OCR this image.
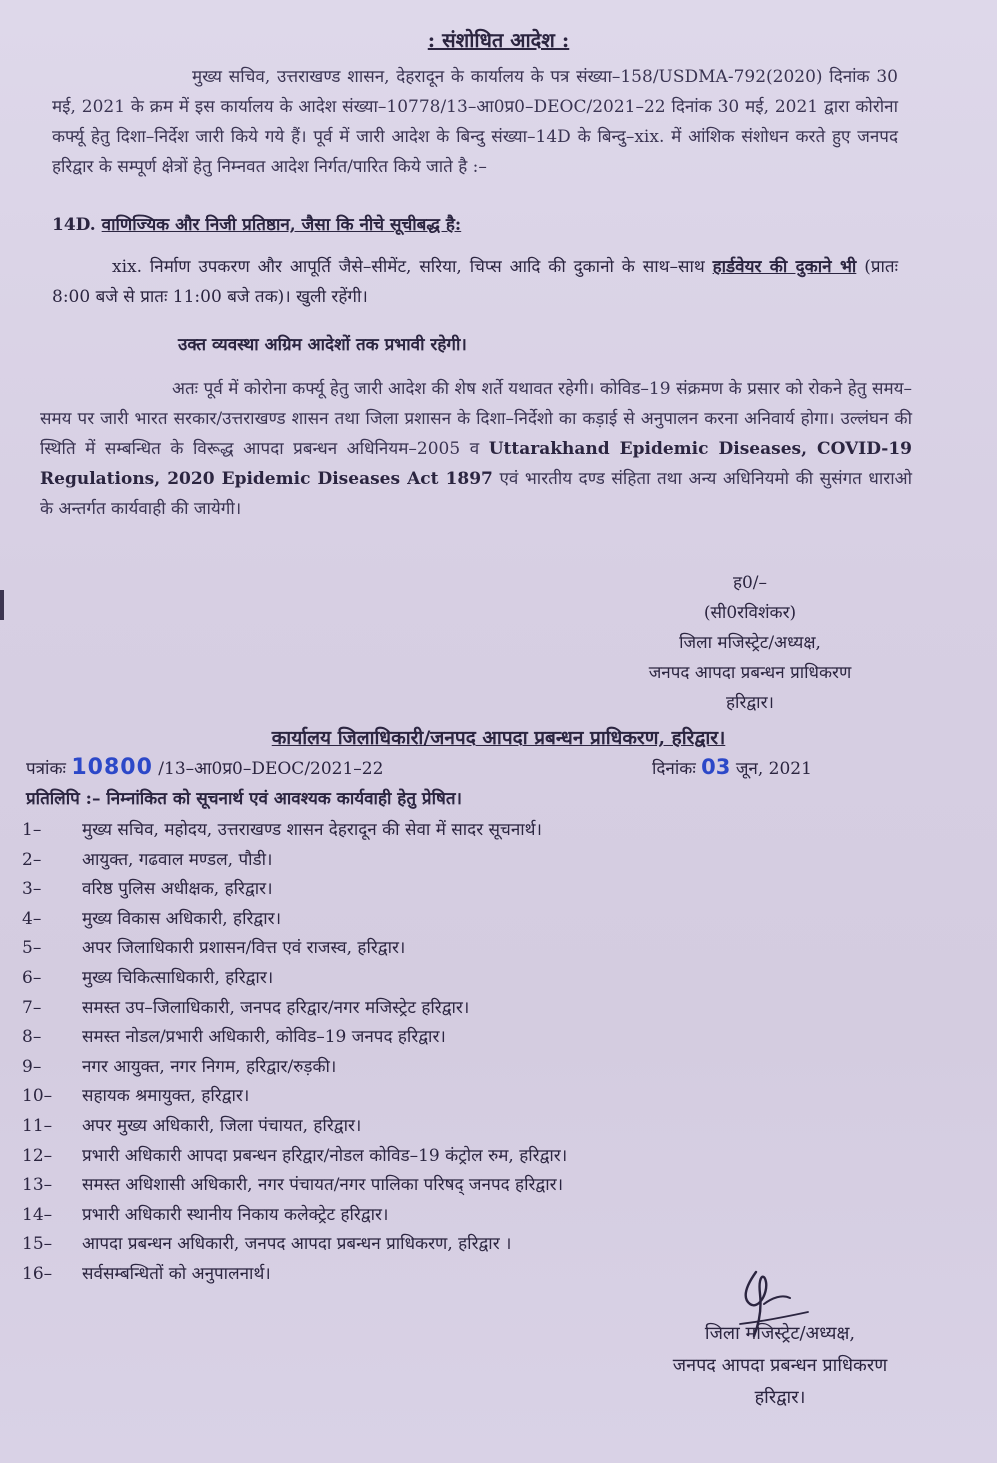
: संशोधित आदेश :

मुख्य सचिव, उत्तराखण्ड शासन, देहरादून के कार्यालय के पत्र संख्या–158/USDMA-792(2020) दिनांक 30 मई, 2021 के क्रम में इस कार्यालय के आदेश संख्या–10778/13–आ0प्र0–DEOC/2021–22 दिनांक 30 मई, 2021 द्वारा कोरोना कर्फ्यू हेतु दिशा–निर्देश जारी किये गये हैं। पूर्व में जारी आदेश के बिन्दु संख्या–14D के बिन्दु–xix. में आंशिक संशोधन करते हुए जनपद हरिद्वार के सम्पूर्ण क्षेत्रों हेतु निम्नवत आदेश निर्गत/पारित किये जाते है :–

14D. वाणिज्यिक और निजी प्रतिष्ठान, जैसा कि नीचे सूचीबद्ध है:

xix. निर्माण उपकरण और आपूर्ति जैसे–सीमेंट, सरिया, चिप्स आदि की दुकानो के साथ–साथ हार्डवेयर की दुकाने भी (प्रातः 8:00 बजे से प्रातः 11:00 बजे तक)। खुली रहेंगी।

उक्त व्यवस्था अग्रिम आदेशों तक प्रभावी रहेगी।

अतः पूर्व में कोरोना कर्फ्यू हेतु जारी आदेश की शेष शर्ते यथावत रहेगी। कोविड–19 संक्रमण के प्रसार को रोकने हेतु समय–समय पर जारी भारत सरकार/उत्तराखण्ड शासन तथा जिला प्रशासन के दिशा–निर्देशो का कड़ाई से अनुपालन करना अनिवार्य होगा। उल्लंघन की स्थिति में सम्बन्धित के विरूद्ध आपदा प्रबन्धन अधिनियम–2005 व Uttarakhand Epidemic Diseases, COVID-19 Regulations, 2020 Epidemic Diseases Act 1897 एवं भारतीय दण्ड संहिता तथा अन्य अधिनियमो की सुसंगत धाराओ के अन्तर्गत कार्यवाही की जायेगी।

ह0/–
(सी0रविशंकर)
जिला मजिस्ट्रेट/अध्यक्ष,
जनपद आपदा प्रबन्धन प्राधिकरण
हरिद्वार।
कार्यालय जिलाधिकारी/जनपद आपदा प्रबन्धन प्राधिकरण, हरिद्वार।
पत्रांकः 10800 /13–आ0प्र0–DEOC/2021–22	दिनांकः 03 जून, 2021
प्रतिलिपि :– निम्नांकित को सूचनार्थ एवं आवश्यक कार्यवाही हेतु प्रेषित।
1–	मुख्य सचिव, महोदय, उत्तराखण्ड शासन देहरादून की सेवा में सादर सूचनार्थ।
2–	आयुक्त, गढवाल मण्डल, पौडी।
3–	वरिष्ठ पुलिस अधीक्षक, हरिद्वार।
4–	मुख्य विकास अधिकारी, हरिद्वार।
5–	अपर जिलाधिकारी प्रशासन/वित्त एवं राजस्व, हरिद्वार।
6–	मुख्य चिकित्साधिकारी, हरिद्वार।
7–	समस्त उप–जिलाधिकारी, जनपद हरिद्वार/नगर मजिस्ट्रेट हरिद्वार।
8–	समस्त नोडल/प्रभारी अधिकारी, कोविड–19 जनपद हरिद्वार।
9–	नगर आयुक्त, नगर निगम, हरिद्वार/रुड़की।
10–	सहायक श्रमायुक्त, हरिद्वार।
11–	अपर मुख्य अधिकारी, जिला पंचायत, हरिद्वार।
12–	प्रभारी अधिकारी आपदा प्रबन्धन हरिद्वार/नोडल कोविड–19 कंट्रोल रुम, हरिद्वार।
13–	समस्त अधिशासी अधिकारी, नगर पंचायत/नगर पालिका परिषद् जनपद हरिद्वार।
14–	प्रभारी अधिकारी स्थानीय निकाय कलेक्ट्रेट हरिद्वार।
15–	आपदा प्रबन्धन अधिकारी, जनपद आपदा प्रबन्धन प्राधिकरण, हरिद्वार ।
16–	सर्वसम्बन्धितों को अनुपालनार्थ।
जिला मजिस्ट्रेट/अध्यक्ष,
जनपद आपदा प्रबन्धन प्राधिकरण
हरिद्वार।
